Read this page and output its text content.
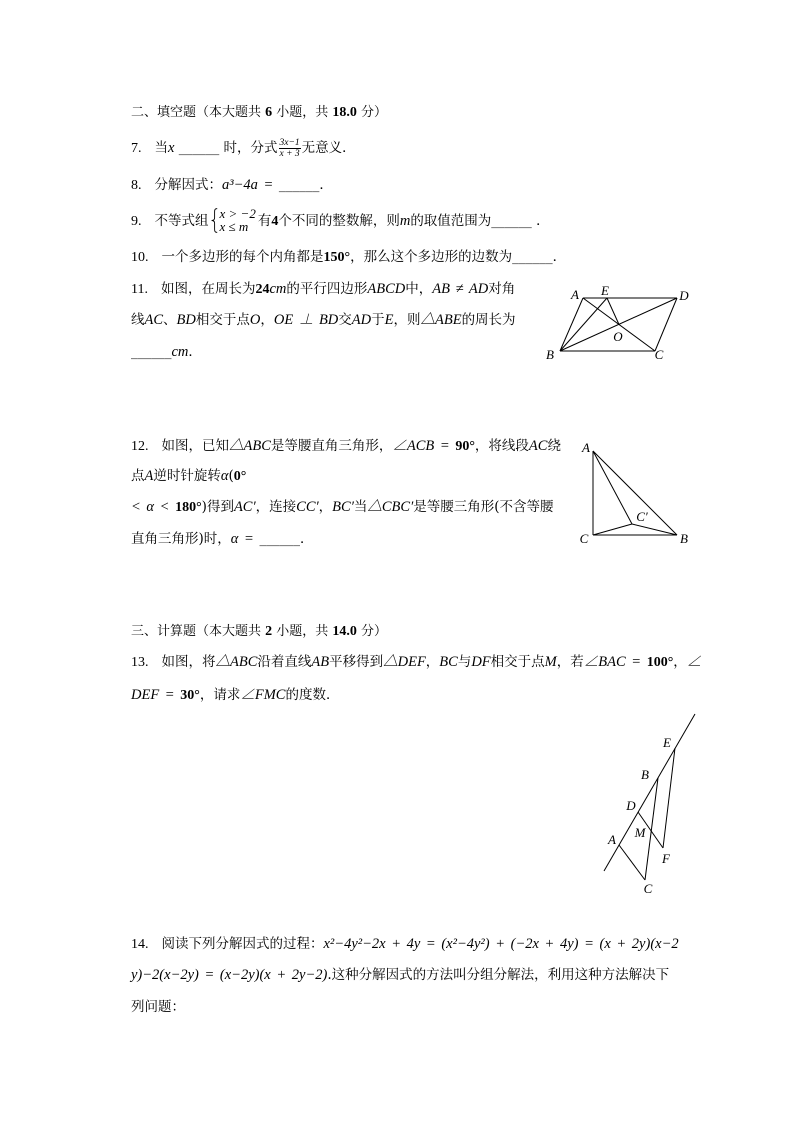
二、填空题（本大题共 6 小题，共 18.0 分）
7. 当x ______ 时，分式 $\frac{3x-1}{x + 3}$ 无意义．
8. 分解因式：a³−4a = ______．
9. 不等式组 x > −2
x ≤ m 有4个不同的整数解，则m的取值范围为______ ．
10. 一个多边形的每个内角都是150°，那么这个多边形的边数为______．
11. 如图，在周长为24cm的平行四边形ABCD中，AB ≠ AD对角
线AC、BD相交于点O，OE ⊥ BD交AD于E，则△ABE的周长为
______cm．
A E	D
B	C
O
12. 如图，已知△ABC是等腰直角三角形，∠ACB = 90°，将线段AC绕
点A逆时针旋转α(0°
< α < 180°)得到AC′，连接CC′，BC′当△CBC′是等腰三角形(不含等腰
直角三角形)时，α = ______．
A
C	B
C′
三、计算题（本大题共 2 小题，共 14.0 分）
13. 如图，将△ABC沿着直线AB平移得到△DEF，BC与DF相交于点M，若∠BAC = 100°，∠
DEF = 30°，请求∠FMC的度数．
E
B
D
A M
F
C
14. 阅读下列分解因式的过程：x²−4y²−2x + 4y = (x²−4y²) + (−2x + 4y) = (x + 2y)(x−2
y)−2(x−2y) = (x−2y)(x + 2y−2).这种分解因式的方法叫分组分解法，利用这种方法解决下
列问题：
